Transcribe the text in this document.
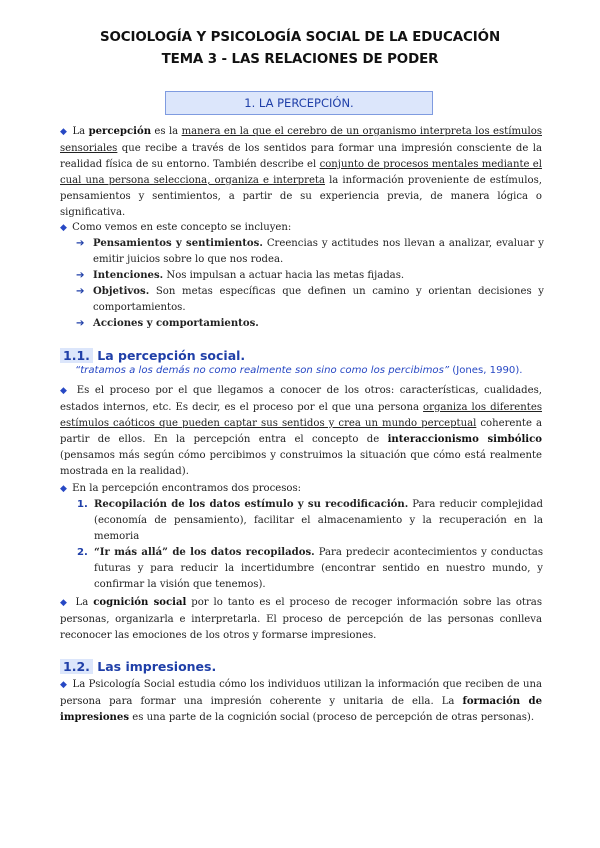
SOCIOLOGÍA Y PSICOLOGÍA SOCIAL DE LA EDUCACIÓN
TEMA 3 - LAS RELACIONES DE PODER
1. LA PERCEPCIÓN.
◆ La percepción es la manera en la que el cerebro de un organismo interpreta los estímulos sensoriales que recibe a través de los sentidos para formar una impresión consciente de la realidad física de su entorno. También describe el conjunto de procesos mentales mediante el cual una persona selecciona, organiza e interpreta la información proveniente de estímulos, pensamientos y sentimientos, a partir de su experiencia previa, de manera lógica o significativa.
◆ Como vemos en este concepto se incluyen:
➔ Pensamientos y sentimientos. Creencias y actitudes nos llevan a analizar, evaluar y emitir juicios sobre lo que nos rodea.
➔ Intenciones. Nos impulsan a actuar hacia las metas fijadas.
➔ Objetivos. Son metas específicas que definen un camino y orientan decisiones y comportamientos.
➔ Acciones y comportamientos.
1.1. La percepción social.
“tratamos a los demás no como realmente son sino como los percibimos” (Jones, 1990).
◆ Es el proceso por el que llegamos a conocer de los otros: características, cualidades, estados internos, etc. Es decir, es el proceso por el que una persona organiza los diferentes estímulos caóticos que pueden captar sus sentidos y crea un mundo perceptual coherente a partir de ellos. En la percepción entra el concepto de interaccionismo simbólico (pensamos más según cómo percibimos y construimos la situación que cómo está realmente mostrada en la realidad).
◆ En la percepción encontramos dos procesos:
1. Recopilación de los datos estímulo y su recodificación. Para reducir complejidad (economía de pensamiento), facilitar el almacenamiento y la recuperación en la memoria
2. “Ir más allá” de los datos recopilados. Para predecir acontecimientos y conductas futuras y para reducir la incertidumbre (encontrar sentido en nuestro mundo, y confirmar la visión que tenemos).
◆ La cognición social por lo tanto es el proceso de recoger información sobre las otras personas, organizarla e interpretarla. El proceso de percepción de las personas conlleva reconocer las emociones de los otros y formarse impresiones.
1.2. Las impresiones.
◆ La Psicología Social estudia cómo los individuos utilizan la información que reciben de una persona para formar una impresión coherente y unitaria de ella. La formación de impresiones es una parte de la cognición social (proceso de percepción de otras personas).
